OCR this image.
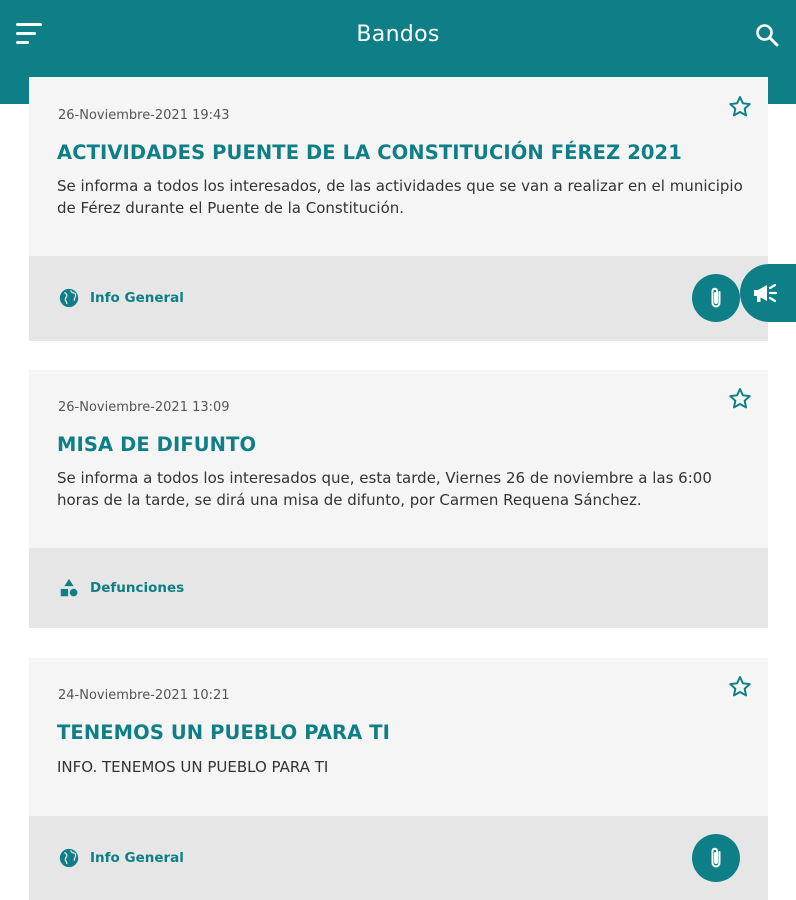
Bandos
26-Noviembre-2021 19:43
ACTIVIDADES PUENTE DE LA CONSTITUCIÓN FÉREZ 2021
Se informa a todos los interesados, de las actividades que se van a realizar en el municipio de Férez durante el Puente de la Constitución.
Info General
26-Noviembre-2021 13:09
MISA DE DIFUNTO
Se informa a todos los interesados que, esta tarde, Viernes 26 de noviembre a las 6:00 horas de la tarde, se dirá una misa de difunto, por Carmen Requena Sánchez.
Defunciones
24-Noviembre-2021 10:21
TENEMOS UN PUEBLO PARA TI
INFO. TENEMOS UN PUEBLO PARA TI
Info General
